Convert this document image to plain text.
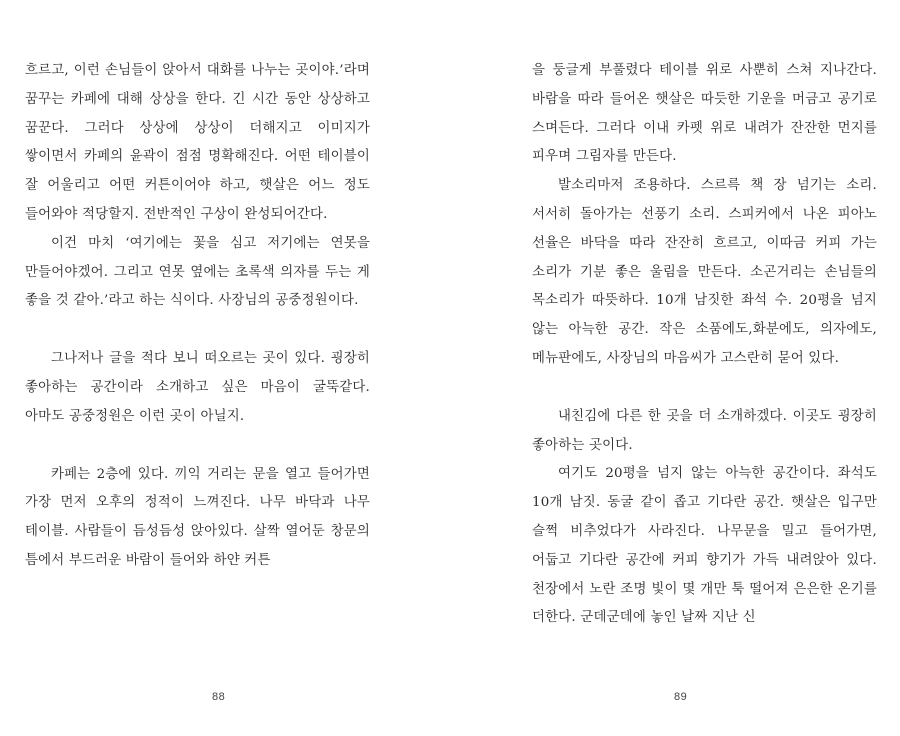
흐르고, 이런 손님들이 앉아서 대화를 나누는 곳이야.’라며 꿈꾸는 카페에 대해 상상을 한다. 긴 시간 동안 상상하고 꿈꾼다. 그러다 상상에 상상이 더해지고 이미지가 쌓이면서 카페의 윤곽이 점점 명확해진다. 어떤 테이블이 잘 어울리고 어떤 커튼이어야 하고, 햇살은 어느 정도 들어와야 적당할지. 전반적인 구상이 완성되어간다.

이건 마치 ‘여기에는 꽃을 심고 저기에는 연못을 만들어야겠어. 그리고 연못 옆에는 초록색 의자를 두는 게 좋을 것 같아.’라고 하는 식이다. 사장님의 공중정원이다.

그나저나 글을 적다 보니 떠오르는 곳이 있다. 굉장히 좋아하는 공간이라 소개하고 싶은 마음이 굴뚝같다. 아마도 공중정원은 이런 곳이 아닐지.

카페는 2층에 있다. 끼익 거리는 문을 열고 들어가면 가장 먼저 오후의 정적이 느껴진다. 나무 바닥과 나무 테이블. 사람들이 듬성듬성 앉아있다. 살짝 열어둔 창문의 틈에서 부드러운 바람이 들어와 하얀 커튼

을 둥글게 부풀렸다 테이블 위로 사뿐히 스쳐 지나간다. 바람을 따라 들어온 햇살은 따듯한 기운을 머금고 공기로 스며든다. 그러다 이내 카펫 위로 내려가 잔잔한 먼지를 피우며 그림자를 만든다.

발소리마저 조용하다. 스르륵 책 장 넘기는 소리. 서서히 돌아가는 선풍기 소리. 스피커에서 나온 피아노 선율은 바닥을 따라 잔잔히 흐르고, 이따금 커피 가는 소리가 기분 좋은 울림을 만든다. 소곤거리는 손님들의 목소리가 따뜻하다. 10개 남짓한 좌석 수. 20평을 넘지 않는 아늑한 공간. 작은 소품에도,화분에도, 의자에도, 메뉴판에도, 사장님의 마음씨가 고스란히 묻어 있다.

내친김에 다른 한 곳을 더 소개하겠다. 이곳도 굉장히 좋아하는 곳이다.

여기도 20평을 넘지 않는 아늑한 공간이다. 좌석도 10개 남짓. 동굴 같이 좁고 기다란 공간. 햇살은 입구만 슬쩍 비추었다가 사라진다. 나무문을 밀고 들어가면, 어둡고 기다란 공간에 커피 향기가 가득 내려앉아 있다. 천장에서 노란 조명 빛이 몇 개만 툭 떨어져 은은한 온기를 더한다. 군데군데에 놓인 날짜 지난 신

88	89
